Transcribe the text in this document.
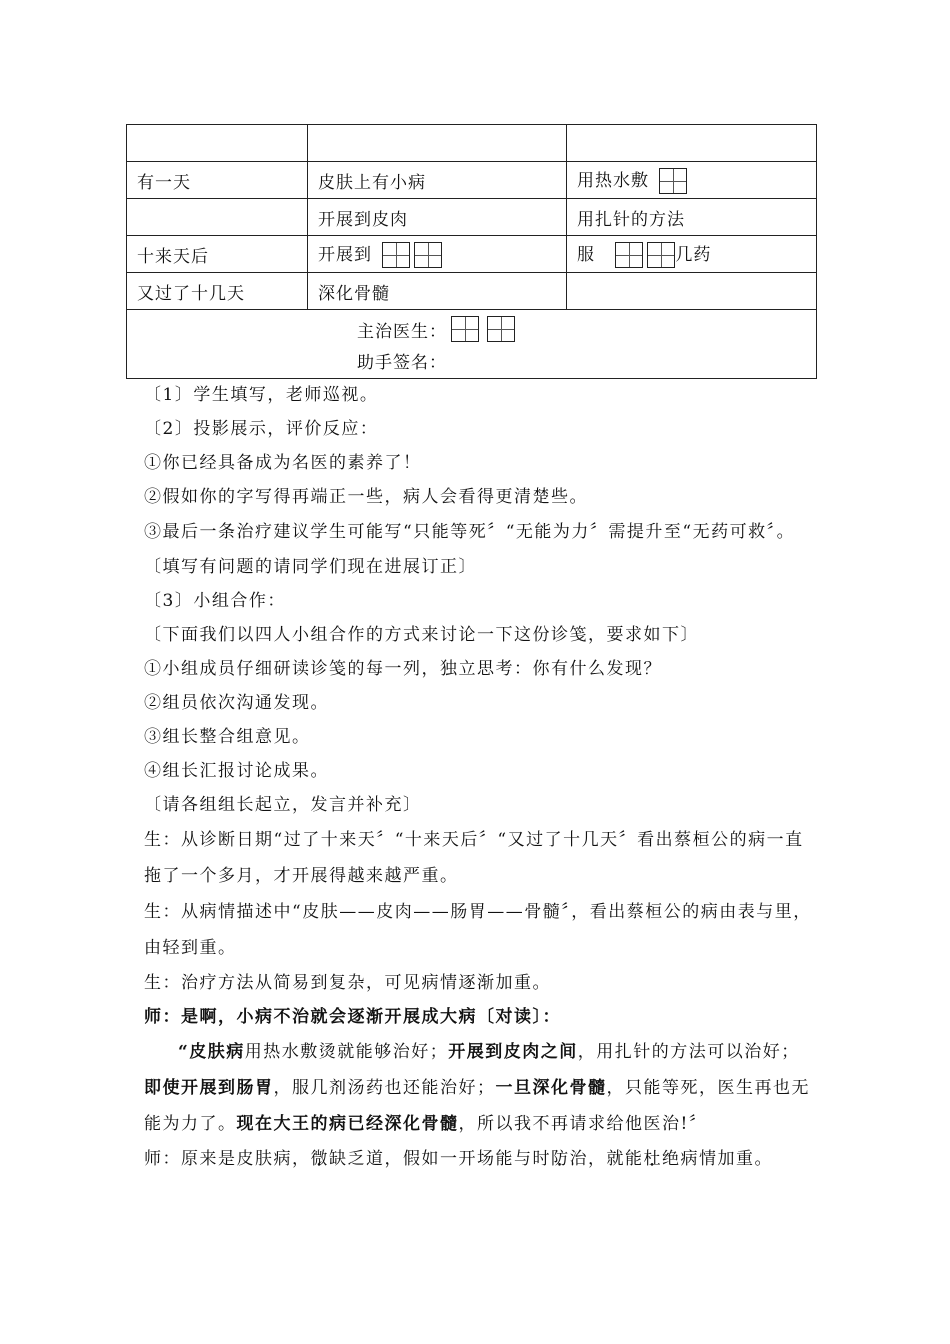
有一天	皮肤上有小病	用热水敷
	开展到皮肉	用扎针的方法
十来天后	开展到	服 几药
又过了十几天	深化骨髓	

主治医生：
助手签名：		

〔1〕学生填写，老师巡视。

〔2〕投影展示，评价反应：

①你已经具备成为名医的素养了！

②假如你的字写得再端正一些，病人会看得更清楚些。

③最后一条治疗建议学生可能写“只能等死〞“无能为力〞需提升至“无药可救〞。

〔填写有问题的请同学们现在进展订正〕

〔3〕小组合作：

〔下面我们以四人小组合作的方式来讨论一下这份诊笺，要求如下〕

①小组成员仔细研读诊笺的每一列，独立思考：你有什么发现？

②组员依次沟通发现。

③组长整合组意见。

④组长汇报讨论成果。

〔请各组组长起立，发言并补充〕

生：从诊断日期“过了十来天〞“十来天后〞“又过了十几天〞看出蔡桓公的病一直拖了一个多月，才开展得越来越严重。

生：从病情描述中“皮肤——皮肉——肠胃——骨髓〞，看出蔡桓公的病由表与里，由轻到重。

生：治疗方法从简易到复杂，可见病情逐渐加重。

师：是啊，小病不治就会逐渐开展成大病〔对读〕：

“皮肤病用热水敷烫就能够治好；开展到皮肉之间，用扎针的方法可以治好；即使开展到肠胃，服几剂汤药也还能治好；一旦深化骨髓，只能等死，医生再也无能为力了。现在大王的病已经深化骨髓，所以我不再请求给他医治!〞

师：原来是皮肤病，微缺乏道，假如一开场能与时防治，就能杜绝病情加重。
